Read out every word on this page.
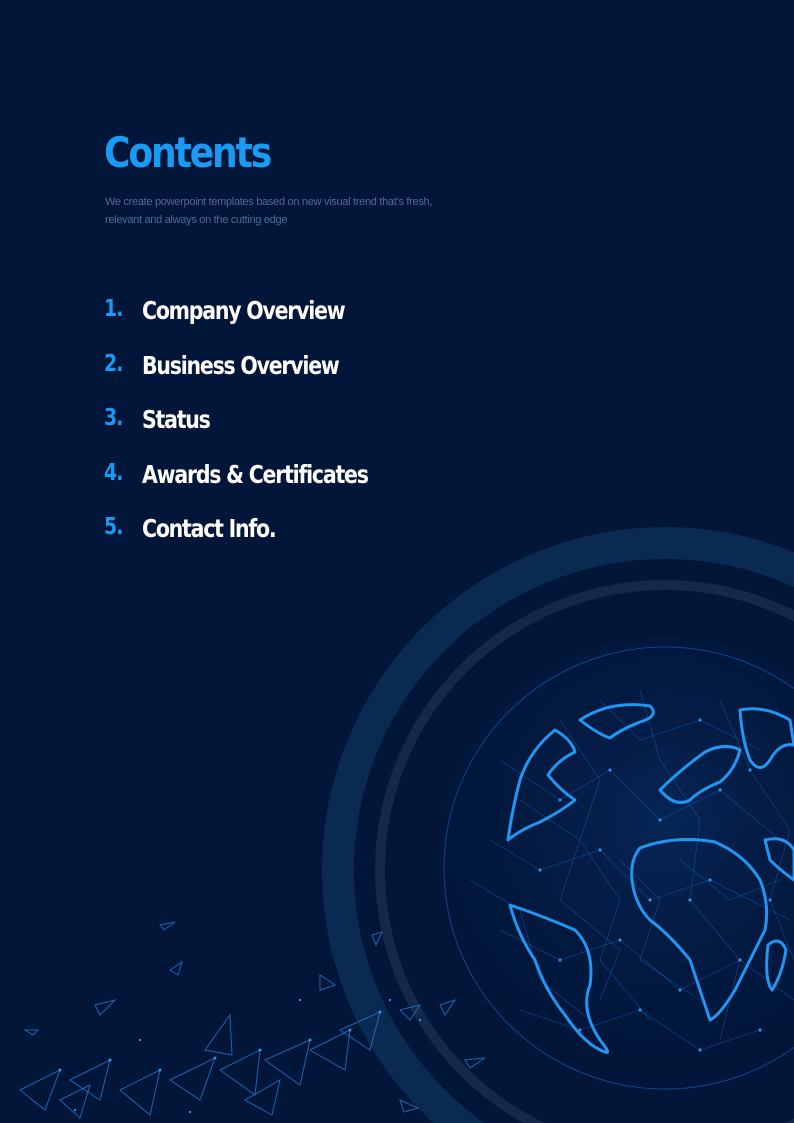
Contents

We create powerpoint templates based on new visual trend that’s fresh, relevant and always on the cutting edge

1. Company Overview
2. Business Overview
3. Status
4. Awards & Certificates
5. Contact Info.
